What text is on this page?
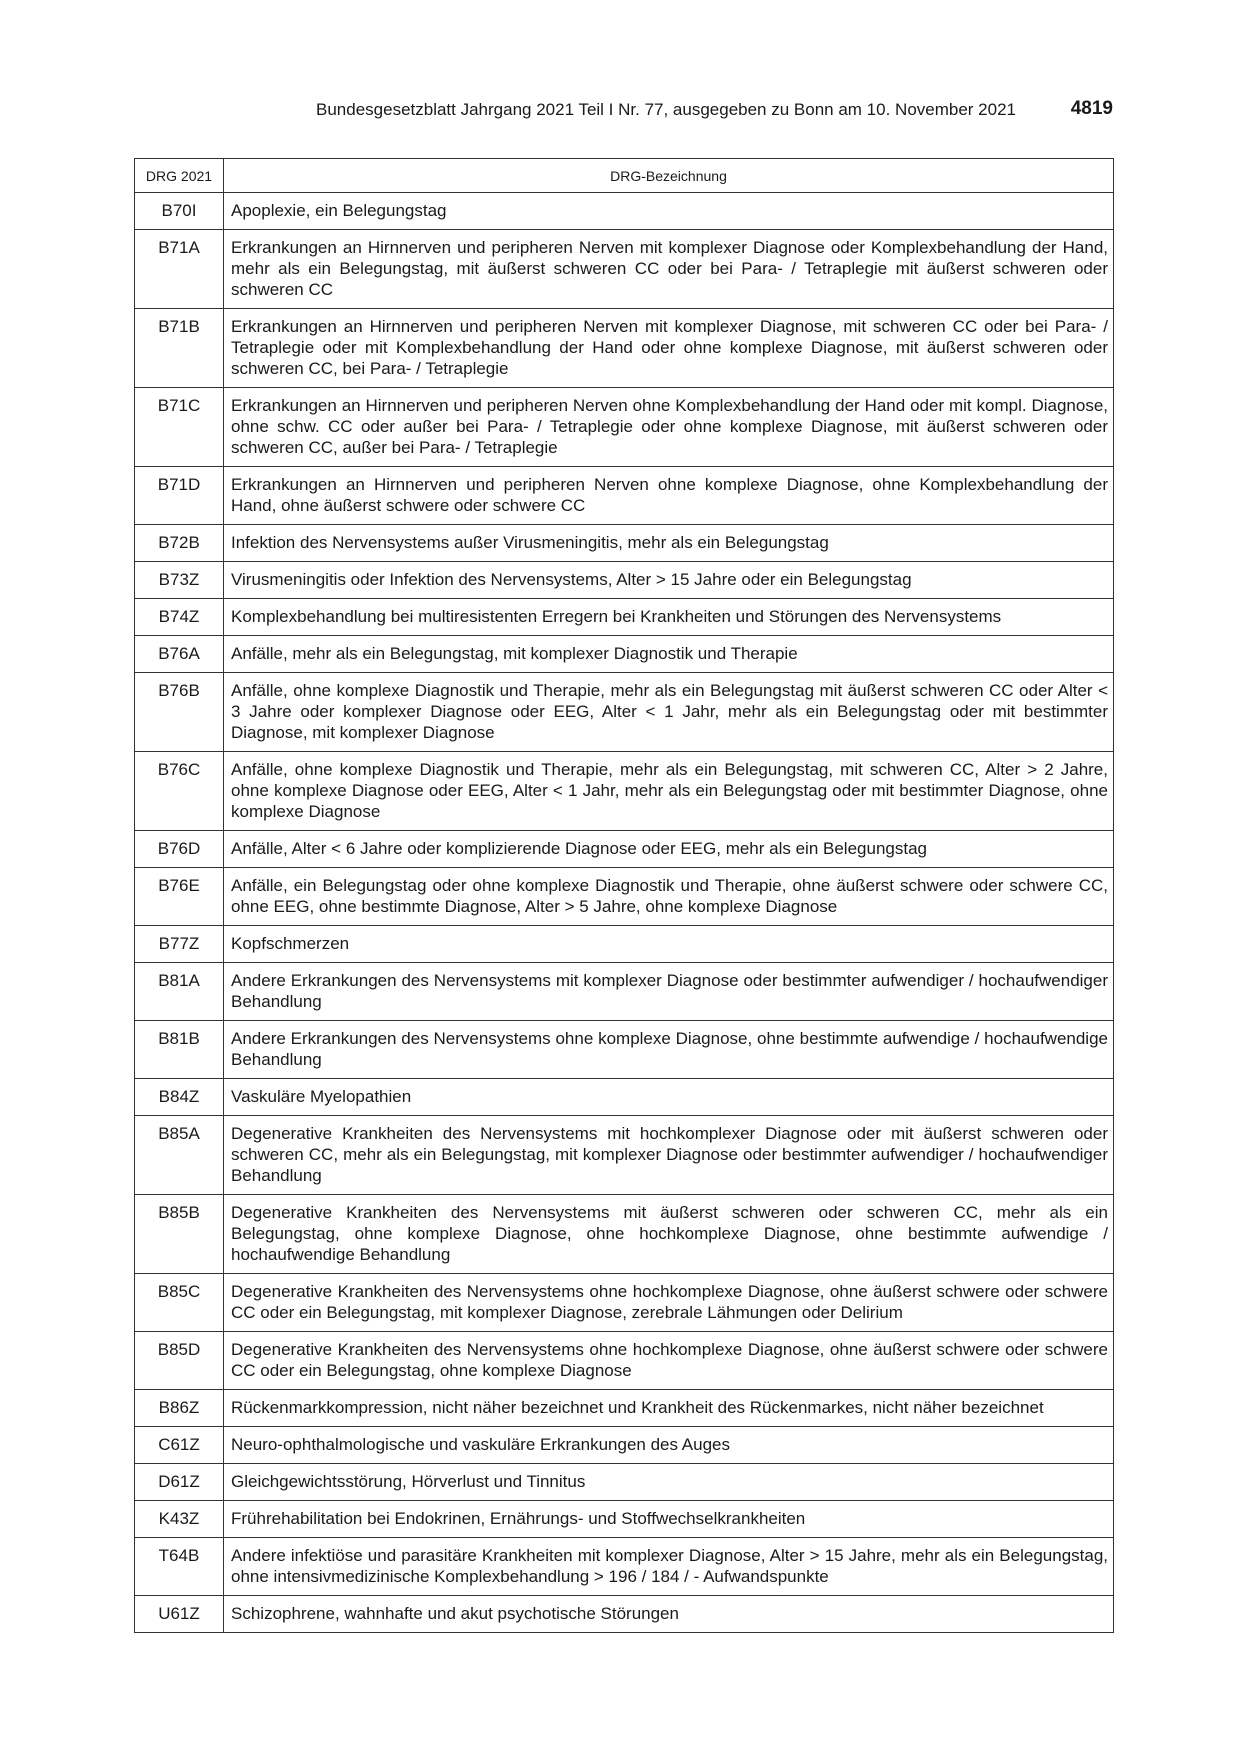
Bundesgesetzblatt Jahrgang 2021 Teil I Nr. 77, ausgegeben zu Bonn am 10. November 2021	4819
DRG 2021	DRG-Bezeichnung
B70I	Apoplexie, ein Belegungstag
B71A	Erkrankungen an Hirnnerven und peripheren Nerven mit komplexer Diagnose oder Komplexbehandlung der Hand, mehr als ein Belegungstag, mit äußerst schweren CC oder bei Para- / Tetraplegie mit äußerst schweren oder schweren CC
B71B	Erkrankungen an Hirnnerven und peripheren Nerven mit komplexer Diagnose, mit schweren CC oder bei Para- / Tetraplegie oder mit Komplexbehandlung der Hand oder ohne komplexe Diagnose, mit äußerst schweren oder schweren CC, bei Para- / Tetraplegie
B71C	Erkrankungen an Hirnnerven und peripheren Nerven ohne Komplexbehandlung der Hand oder mit kompl. Diagnose, ohne schw. CC oder außer bei Para- / Tetraplegie oder ohne komplexe Diagnose, mit äußerst schweren oder schweren CC, außer bei Para- / Tetraplegie
B71D	Erkrankungen an Hirnnerven und peripheren Nerven ohne komplexe Diagnose, ohne Komplexbehandlung der Hand, ohne äußerst schwere oder schwere CC
B72B	Infektion des Nervensystems außer Virusmeningitis, mehr als ein Belegungstag
B73Z	Virusmeningitis oder Infektion des Nervensystems, Alter > 15 Jahre oder ein Belegungstag
B74Z	Komplexbehandlung bei multiresistenten Erregern bei Krankheiten und Störungen des Nervensystems
B76A	Anfälle, mehr als ein Belegungstag, mit komplexer Diagnostik und Therapie
B76B	Anfälle, ohne komplexe Diagnostik und Therapie, mehr als ein Belegungstag mit äußerst schweren CC oder Alter < 3 Jahre oder komplexer Diagnose oder EEG, Alter < 1 Jahr, mehr als ein Belegungstag oder mit bestimmter Diagnose, mit komplexer Diagnose
B76C	Anfälle, ohne komplexe Diagnostik und Therapie, mehr als ein Belegungstag, mit schweren CC, Alter > 2 Jahre, ohne komplexe Diagnose oder EEG, Alter < 1 Jahr, mehr als ein Belegungstag oder mit bestimmter Diagnose, ohne komplexe Diagnose
B76D	Anfälle, Alter < 6 Jahre oder komplizierende Diagnose oder EEG, mehr als ein Belegungstag
B76E	Anfälle, ein Belegungstag oder ohne komplexe Diagnostik und Therapie, ohne äußerst schwere oder schwere CC, ohne EEG, ohne bestimmte Diagnose, Alter > 5 Jahre, ohne komplexe Diagnose
B77Z	Kopfschmerzen
B81A	Andere Erkrankungen des Nervensystems mit komplexer Diagnose oder bestimmter aufwendiger / hochaufwendiger Behandlung
B81B	Andere Erkrankungen des Nervensystems ohne komplexe Diagnose, ohne bestimmte aufwendige / hochaufwendige Behandlung
B84Z	Vaskuläre Myelopathien
B85A	Degenerative Krankheiten des Nervensystems mit hochkomplexer Diagnose oder mit äußerst schweren oder schweren CC, mehr als ein Belegungstag, mit komplexer Diagnose oder bestimmter aufwendiger / hochaufwendiger Behandlung
B85B	Degenerative Krankheiten des Nervensystems mit äußerst schweren oder schweren CC, mehr als ein Belegungstag, ohne komplexe Diagnose, ohne hochkomplexe Diagnose, ohne bestimmte aufwendige / hochaufwendige Behandlung
B85C	Degenerative Krankheiten des Nervensystems ohne hochkomplexe Diagnose, ohne äußerst schwere oder schwere CC oder ein Belegungstag, mit komplexer Diagnose, zerebrale Lähmungen oder Delirium
B85D	Degenerative Krankheiten des Nervensystems ohne hochkomplexe Diagnose, ohne äußerst schwere oder schwere CC oder ein Belegungstag, ohne komplexe Diagnose
B86Z	Rückenmarkkompression, nicht näher bezeichnet und Krankheit des Rückenmarkes, nicht näher bezeichnet
C61Z	Neuro-ophthalmologische und vaskuläre Erkrankungen des Auges
D61Z	Gleichgewichtsstörung, Hörverlust und Tinnitus
K43Z	Frührehabilitation bei Endokrinen, Ernährungs- und Stoffwechselkrankheiten
T64B	Andere infektiöse und parasitäre Krankheiten mit komplexer Diagnose, Alter > 15 Jahre, mehr als ein Belegungstag, ohne intensivmedizinische Komplexbehandlung > 196 / 184 / - Aufwandspunkte
U61Z	Schizophrene, wahnhafte und akut psychotische Störungen
